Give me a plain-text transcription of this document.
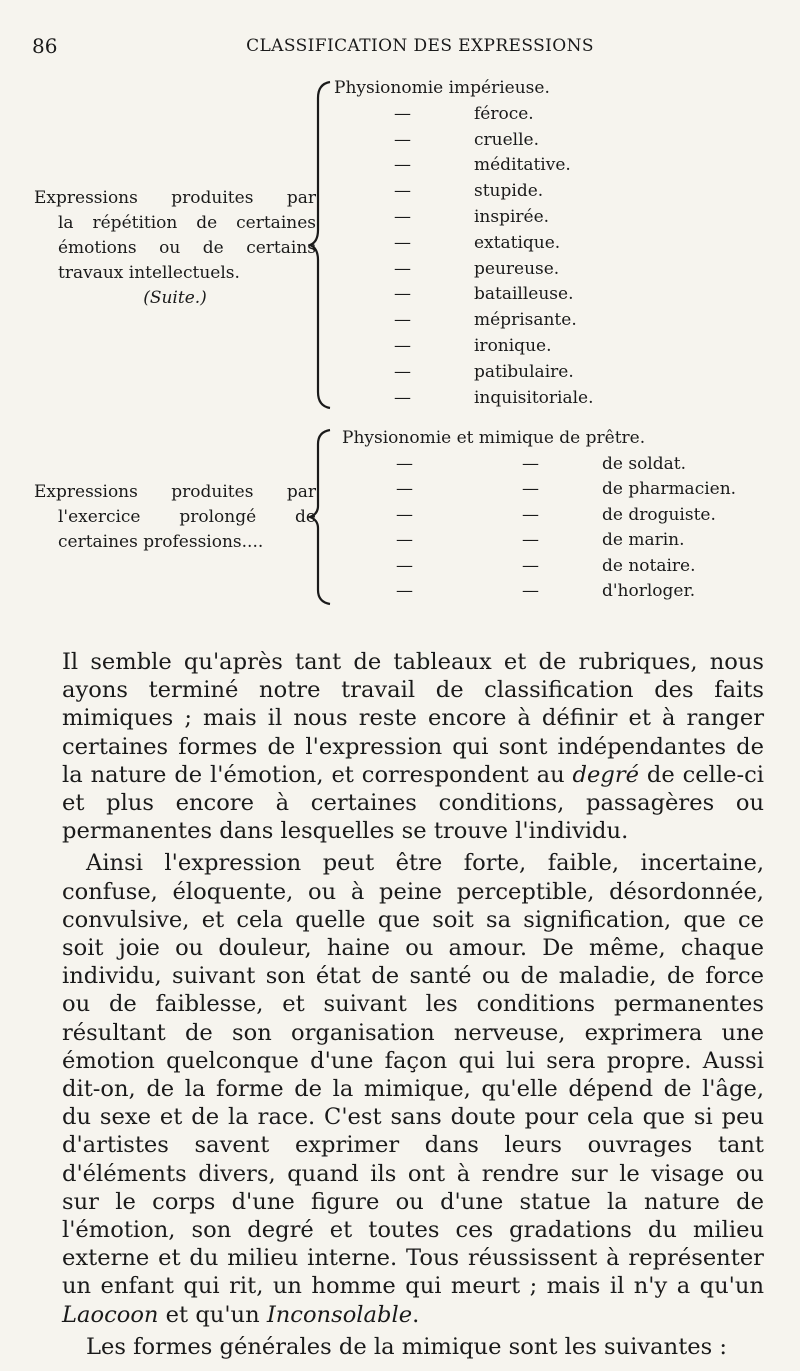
86	CLASSIFICATION DES EXPRESSIONS
Expressions produites par
la répétition de certaines
émotions ou de certains
travaux intellectuels.
(Suite.)
Physionomie impérieuse.
—	féroce.
—	cruelle.
—	méditative.
—	stupide.
—	inspirée.
—	extatique.
—	peureuse.
—	batailleuse.
—	méprisante.
—	ironique.
—	patibulaire.
—	inquisitoriale.
Expressions produites par
l'exercice prolongé de
certaines professions....
Physionomie et mimique de prêtre.
—	—	de soldat.
—	—	de pharmacien.
—	—	de droguiste.
—	—	de marin.
—	—	de notaire.
—	—	d'horloger.

Il semble qu'après tant de tableaux et de rubriques, nous ayons terminé notre travail de classification des faits mimiques ; mais il nous reste encore à définir et à ranger certaines formes de l'expression qui sont indépendantes de la nature de l'émotion, et correspondent au degré de celle-ci et plus encore à certaines conditions, passagères ou permanentes dans lesquelles se trouve l'individu.

Ainsi l'expression peut être forte, faible, incertaine, confuse, éloquente, ou à peine perceptible, désordonnée, convulsive, et cela quelle que soit sa signification, que ce soit joie ou douleur, haine ou amour. De même, chaque individu, suivant son état de santé ou de maladie, de force ou de faiblesse, et suivant les conditions permanentes résultant de son organisation nerveuse, exprimera une émotion quelconque d'une façon qui lui sera propre. Aussi dit-on, de la forme de la mimique, qu'elle dépend de l'âge, du sexe et de la race. C'est sans doute pour cela que si peu d'artistes savent exprimer dans leurs ouvrages tant d'éléments divers, quand ils ont à rendre sur le visage ou sur le corps d'une figure ou d'une statue la nature de l'émotion, son degré et toutes ces gradations du milieu externe et du milieu interne. Tous réussissent à représenter un enfant qui rit, un homme qui meurt ; mais il n'y a qu'un Laocoon et qu'un Inconsolable.

Les formes générales de la mimique sont les suivantes :
